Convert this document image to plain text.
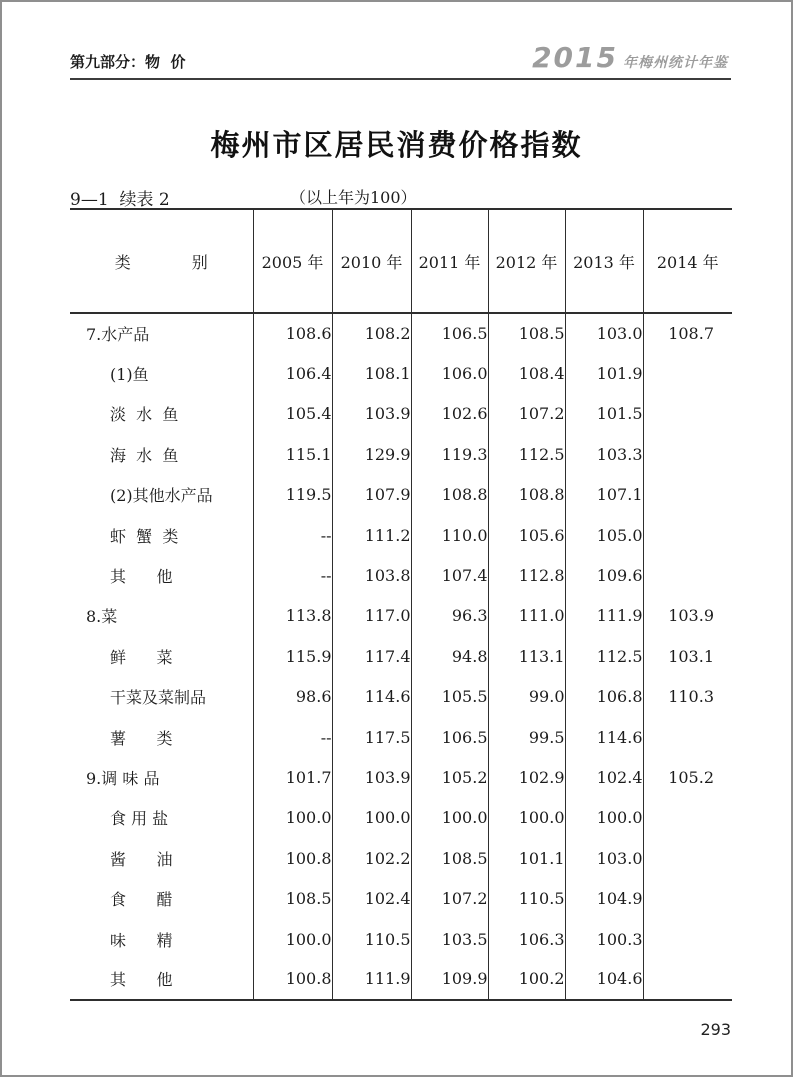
第九部分：物  价	2015 年梅州统计年鉴
梅州市区居民消费价格指数
9—1  续表 2	（以上年为100）
类            别	2005 年	2010 年	2011 年	2012 年	2013 年	2014 年
7.水产品	108.6	108.2	106.5	108.5	103.0	108.7
(1)鱼	106.4	108.1	106.0	108.4	101.9	
淡  水  鱼	105.4	103.9	102.6	107.2	101.5	
海  水  鱼	115.1	129.9	119.3	112.5	103.3	
(2)其他水产品	119.5	107.9	108.8	108.8	107.1	
虾  蟹  类	--	111.2	110.0	105.6	105.0	
其      他	--	103.8	107.4	112.8	109.6	
8.菜	113.8	117.0	96.3	111.0	111.9	103.9
鲜      菜	115.9	117.4	94.8	113.1	112.5	103.1
干菜及菜制品	98.6	114.6	105.5	99.0	106.8	110.3
薯      类	--	117.5	106.5	99.5	114.6	
9.调 味 品	101.7	103.9	105.2	102.9	102.4	105.2
食 用 盐	100.0	100.0	100.0	100.0	100.0	
酱      油	100.8	102.2	108.5	101.1	103.0	
食      醋	108.5	102.4	107.2	110.5	104.9	
味      精	100.0	110.5	103.5	106.3	100.3	
其      他	100.8	111.9	109.9	100.2	104.6	
293
